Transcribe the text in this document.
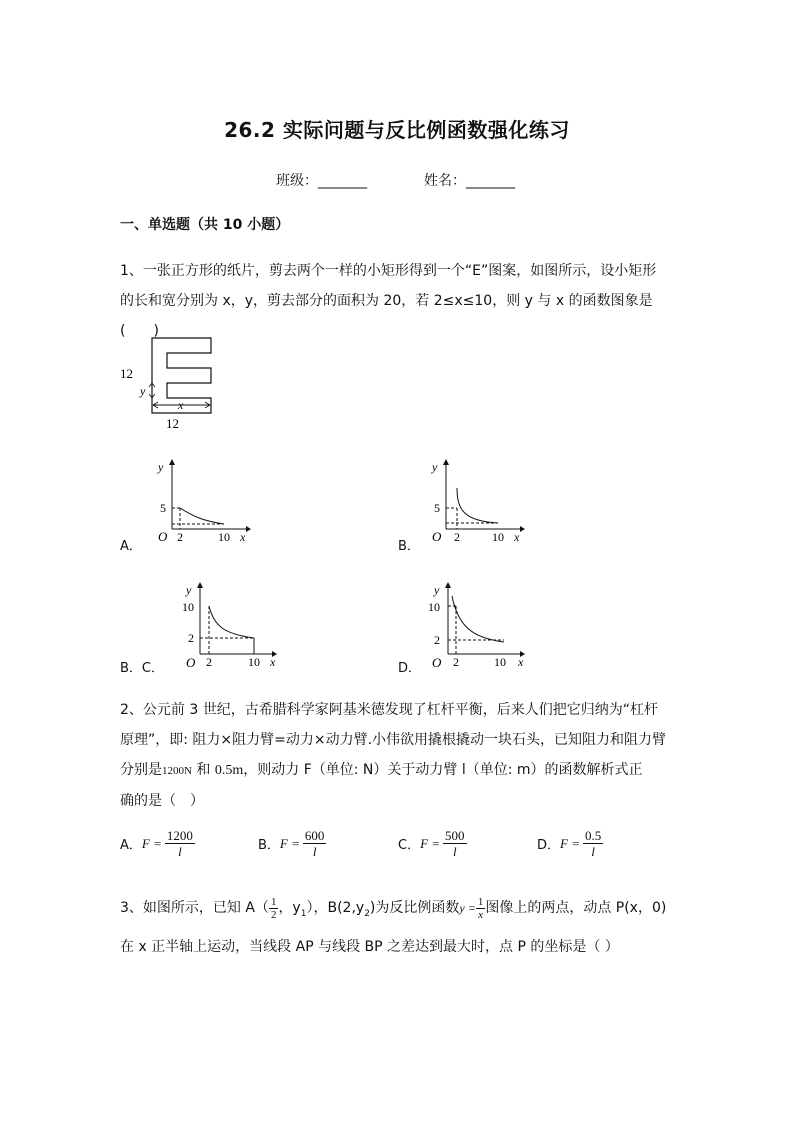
26.2 实际问题与反比例函数强化练习
班级：_______	姓名：_______
一、单选题（共 10 小题）
1、一张正方形的纸片，剪去两个一样的小矩形得到一个“E”图案，如图所示，设小矩形
的长和宽分别为 x，y，剪去部分的面积为 20，若 2≤x≤10，则 y 与 x 的函数图象是(　　)
12
12
y
x
A．
y
5
O 2	10 x
B．
y
5
O 2	10 x
B．C．
y
10
2
O 2	10 x	D．
y
10
2
O 2	10 x
2、公元前 3 世纪，古希腊科学家阿基米德发现了杠杆平衡，后来人们把它归纳为“杠杆
原理”，即: 阻力×阻力臂=动力×动力臂.小伟欲用撬根撬动一块石头，已知阻力和阻力臂
分别是1200N 和 0.5m，则动力 F（单位: N）关于动力臂 l（单位: m）的函数解析式正
确的是（　）
A． $F = \frac{1200}{l}$	B． $F = \frac{600}{l}$	C． $F = \frac{500}{l}$	D． $F = \frac{0.5}{l}$
3、如图所示，已知 $A( \frac{1}{2}$ ，$y_1$），$B(2,y_2)$为反比例函数$y = \frac{1}{x}$ 图像上的两点，动点 P(x，0)
在 x 正半轴上运动，当线段 AP 与线段 BP 之差达到最大时，点 P 的坐标是（ ）
